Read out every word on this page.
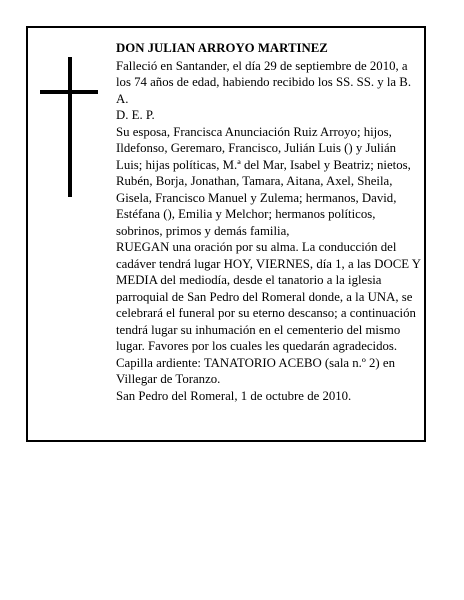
DON JULIAN ARROYO MARTINEZ

Falleció en Santander, el día 29 de septiembre de 2010, a los 74 años de edad, habiendo recibido los SS. SS. y la B. A.

D. E. P.

Su esposa, Francisca Anunciación Ruiz Arroyo; hijos, Ildefonso, Geremaro, Francisco, Julián Luis () y Julián Luis; hijas políticas, M.ª del Mar, Isabel y Beatriz; nietos, Rubén, Borja, Jonathan, Tamara, Aitana, Axel, Sheila, Gisela, Francisco Manuel y Zulema; hermanos, David, Estéfana (), Emilia y Melchor; hermanos políticos, sobrinos, primos y demás familia,

RUEGAN una oración por su alma. La conducción del cadáver tendrá lugar HOY, VIERNES, día 1, a las DOCE Y MEDIA del mediodía, desde el tanatorio a la iglesia parroquial de San Pedro del Romeral donde, a la UNA, se celebrará el funeral por su eterno descanso; a continuación tendrá lugar su inhumación en el cementerio del mismo lugar. Favores por los cuales les quedarán agradecidos.

Capilla ardiente: TANATORIO ACEBO (sala n.º 2) en Villegar de Toranzo.

San Pedro del Romeral, 1 de octubre de 2010.
